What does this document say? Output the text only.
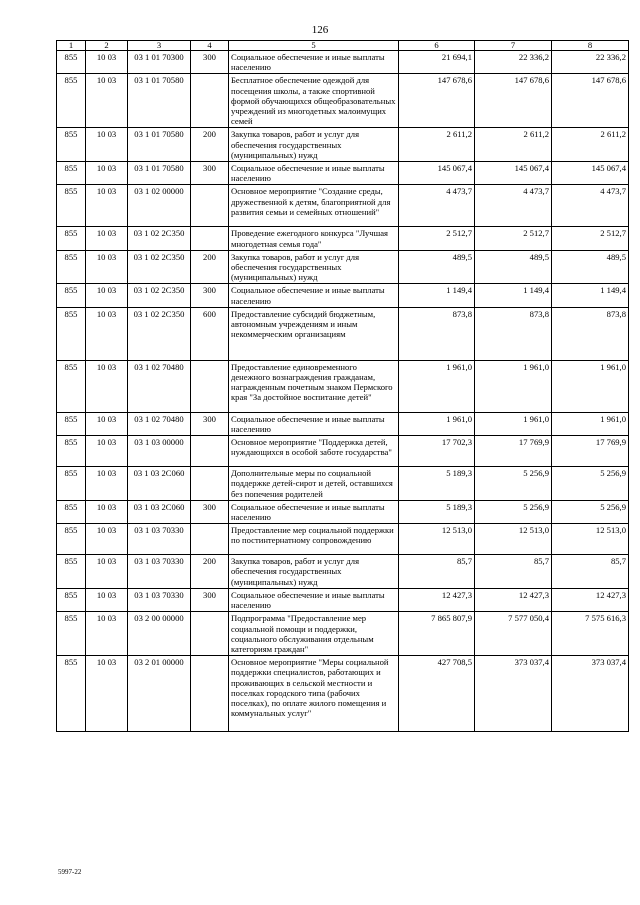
126
1	2	3	4	5	6	7	8
855	10 03	03 1 01 70300	300	Социальное обеспечение и иные выплаты населению	21 694,1	22 336,2	22 336,2
855	10 03	03 1 01 70580		Бесплатное обеспечение одеждой для посещения школы, а также спортивной формой обучающихся общеобразовательных учреждений из многодетных малоимущих семей	147 678,6	147 678,6	147 678,6
855	10 03	03 1 01 70580	200	Закупка товаров, работ и услуг для обеспечения государственных (муниципальных) нужд	2 611,2	2 611,2	2 611,2
855	10 03	03 1 01 70580	300	Социальное обеспечение и иные выплаты населению	145 067,4	145 067,4	145 067,4
855	10 03	03 1 02 00000		Основное мероприятие "Создание среды, дружественной к детям, благоприятной для развития семьи и семейных отношений"	4 473,7	4 473,7	4 473,7
855	10 03	03 1 02 2С350		Проведение ежегодного конкурса "Лучшая многодетная семья года"	2 512,7	2 512,7	2 512,7
855	10 03	03 1 02 2С350	200	Закупка товаров, работ и услуг для обеспечения государственных (муниципальных) нужд	489,5	489,5	489,5
855	10 03	03 1 02 2С350	300	Социальное обеспечение и иные выплаты населению	1 149,4	1 149,4	1 149,4
855	10 03	03 1 02 2С350	600	Предоставление субсидий бюджетным, автономным учреждениям и иным некоммерческим организациям	873,8	873,8	873,8
855	10 03	03 1 02 70480		Предоставление единовременного денежного вознаграждения гражданам, награжденным почетным знаком Пермского края "За достойное воспитание детей"	1 961,0	1 961,0	1 961,0
855	10 03	03 1 02 70480	300	Социальное обеспечение и иные выплаты населению	1 961,0	1 961,0	1 961,0
855	10 03	03 1 03 00000		Основное мероприятие "Поддержка детей, нуждающихся в особой заботе государства"	17 702,3	17 769,9	17 769,9
855	10 03	03 1 03 2С060		Дополнительные меры по социальной поддержке детей-сирот и детей, оставшихся без попечения родителей	5 189,3	5 256,9	5 256,9
855	10 03	03 1 03 2С060	300	Социальное обеспечение и иные выплаты населению	5 189,3	5 256,9	5 256,9
855	10 03	03 1 03 70330		Предоставление мер социальной поддержки по постинтернатному сопровождению	12 513,0	12 513,0	12 513,0
855	10 03	03 1 03 70330	200	Закупка товаров, работ и услуг для обеспечения государственных (муниципальных) нужд	85,7	85,7	85,7
855	10 03	03 1 03 70330	300	Социальное обеспечение и иные выплаты населению	12 427,3	12 427,3	12 427,3
855	10 03	03 2 00 00000		Подпрограмма "Предоставление мер социальной помощи и поддержки, социального обслуживания отдельным категориям граждан"	7 865 807,9	7 577 050,4	7 575 616,3
855	10 03	03 2 01 00000		Основное мероприятие "Меры социальной поддержки специалистов, работающих и проживающих в сельской местности и поселках городского типа (рабочих поселках), по оплате жилого помещения и коммунальных услуг"	427 708,5	373 037,4	373 037,4
5997-22
